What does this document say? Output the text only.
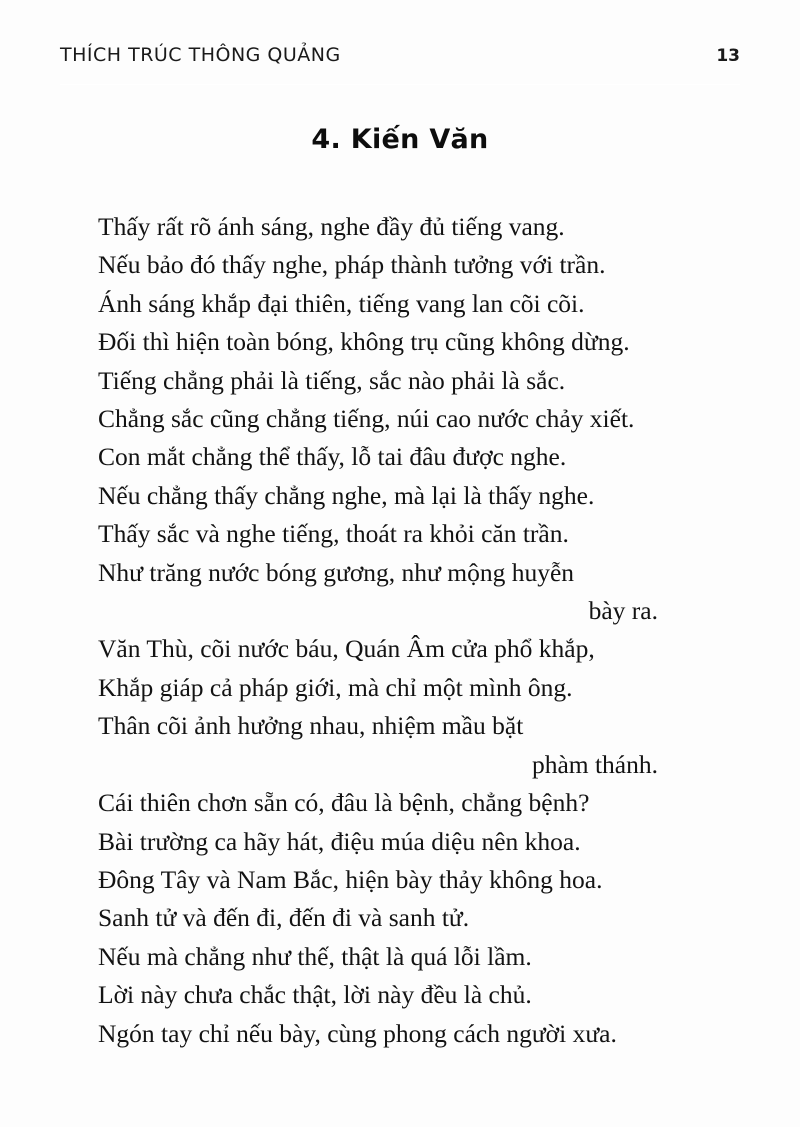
THÍCH TRÚC THÔNG QUẢNG	13
4. Kiến Văn
Thấy rất rõ ánh sáng, nghe đầy đủ tiếng vang.
Nếu bảo đó thấy nghe, pháp thành tưởng với trần.
Ánh sáng khắp đại thiên, tiếng vang lan cõi cõi.
Đối thì hiện toàn bóng, không trụ cũng không dừng.
Tiếng chẳng phải là tiếng, sắc nào phải là sắc.
Chẳng sắc cũng chẳng tiếng, núi cao nước chảy xiết.
Con mắt chẳng thể thấy, lỗ tai đâu được nghe.
Nếu chẳng thấy chẳng nghe, mà lại là thấy nghe.
Thấy sắc và nghe tiếng, thoát ra khỏi căn trần.
Như trăng nước bóng gương, như mộng huyễn
bày ra.
Văn Thù, cõi nước báu, Quán Âm cửa phổ khắp,
Khắp giáp cả pháp giới, mà chỉ một mình ông.
Thân cõi ảnh hưởng nhau, nhiệm mầu bặt
phàm thánh.
Cái thiên chơn sẵn có, đâu là bệnh, chẳng bệnh?
Bài trường ca hãy hát, điệu múa diệu nên khoa.
Đông Tây và Nam Bắc, hiện bày thảy không hoa.
Sanh tử và đến đi, đến đi và sanh tử.
Nếu mà chẳng như thế, thật là quá lỗi lầm.
Lời này chưa chắc thật, lời này đều là chủ.
Ngón tay chỉ nếu bày, cùng phong cách người xưa.
